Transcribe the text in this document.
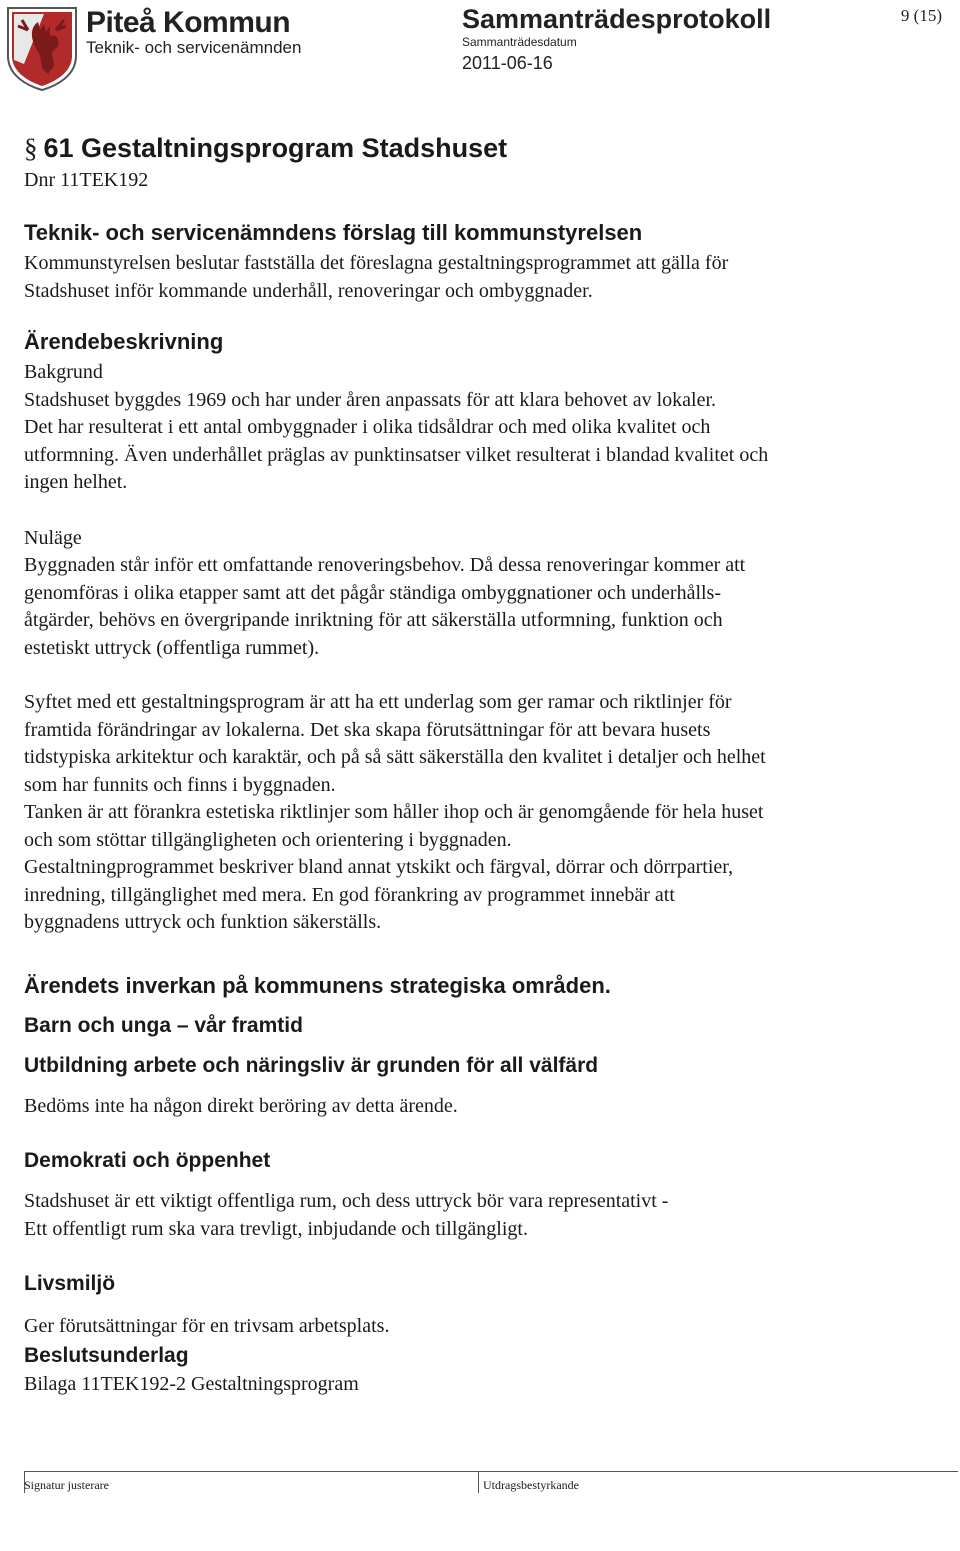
Piteå Kommun
Teknik- och servicenämnden
Sammanträdesprotokoll
Sammanträdesdatum
2011-06-16
9 (15)
§ 61 Gestaltningsprogram Stadshuset

Dnr 11TEK192

Teknik- och servicenämndens förslag till kommunstyrelsen

Kommunstyrelsen beslutar fastställa det föreslagna gestaltningsprogrammet att gälla för

Stadshuset inför kommande underhåll, renoveringar och ombyggnader.

Ärendebeskrivning

Bakgrund

Stadshuset byggdes 1969 och har under åren anpassats för att klara behovet av lokaler.

Det har resulterat i ett antal ombyggnader i olika tidsåldrar och med olika kvalitet och

utformning. Även underhållet präglas av punktinsatser vilket resulterat i blandad kvalitet och

ingen helhet.

Nuläge

Byggnaden står inför ett omfattande renoveringsbehov. Då dessa renoveringar kommer att

genomföras i olika etapper samt att det pågår ständiga ombyggnationer och underhålls-

åtgärder, behövs en övergripande inriktning för att säkerställa utformning, funktion och

estetiskt uttryck (offentliga rummet).

Syftet med ett gestaltningsprogram är att ha ett underlag som ger ramar och riktlinjer för

framtida förändringar av lokalerna. Det ska skapa förutsättningar för att bevara husets

tidstypiska arkitektur och karaktär, och på så sätt säkerställa den kvalitet i detaljer och helhet

som har funnits och finns i byggnaden.

Tanken är att förankra estetiska riktlinjer som håller ihop och är genomgående för hela huset

och som stöttar tillgängligheten och orientering i byggnaden.

Gestaltningprogrammet beskriver bland annat ytskikt och färgval, dörrar och dörrpartier,

inredning, tillgänglighet med mera. En god förankring av programmet innebär att

byggnadens uttryck och funktion säkerställs.

Ärendets inverkan på kommunens strategiska områden.

Barn och unga – vår framtid

Utbildning arbete och näringsliv är grunden för all välfärd

Bedöms inte ha någon direkt beröring av detta ärende.

Demokrati och öppenhet

Stadshuset är ett viktigt offentliga rum, och dess uttryck bör vara representativt -

Ett offentligt rum ska vara trevligt, inbjudande och tillgängligt.

Livsmiljö

Ger förutsättningar för en trivsam arbetsplats.

Beslutsunderlag

Bilaga 11TEK192-2 Gestaltningsprogram

Signatur justerare	Utdragsbestyrkande
